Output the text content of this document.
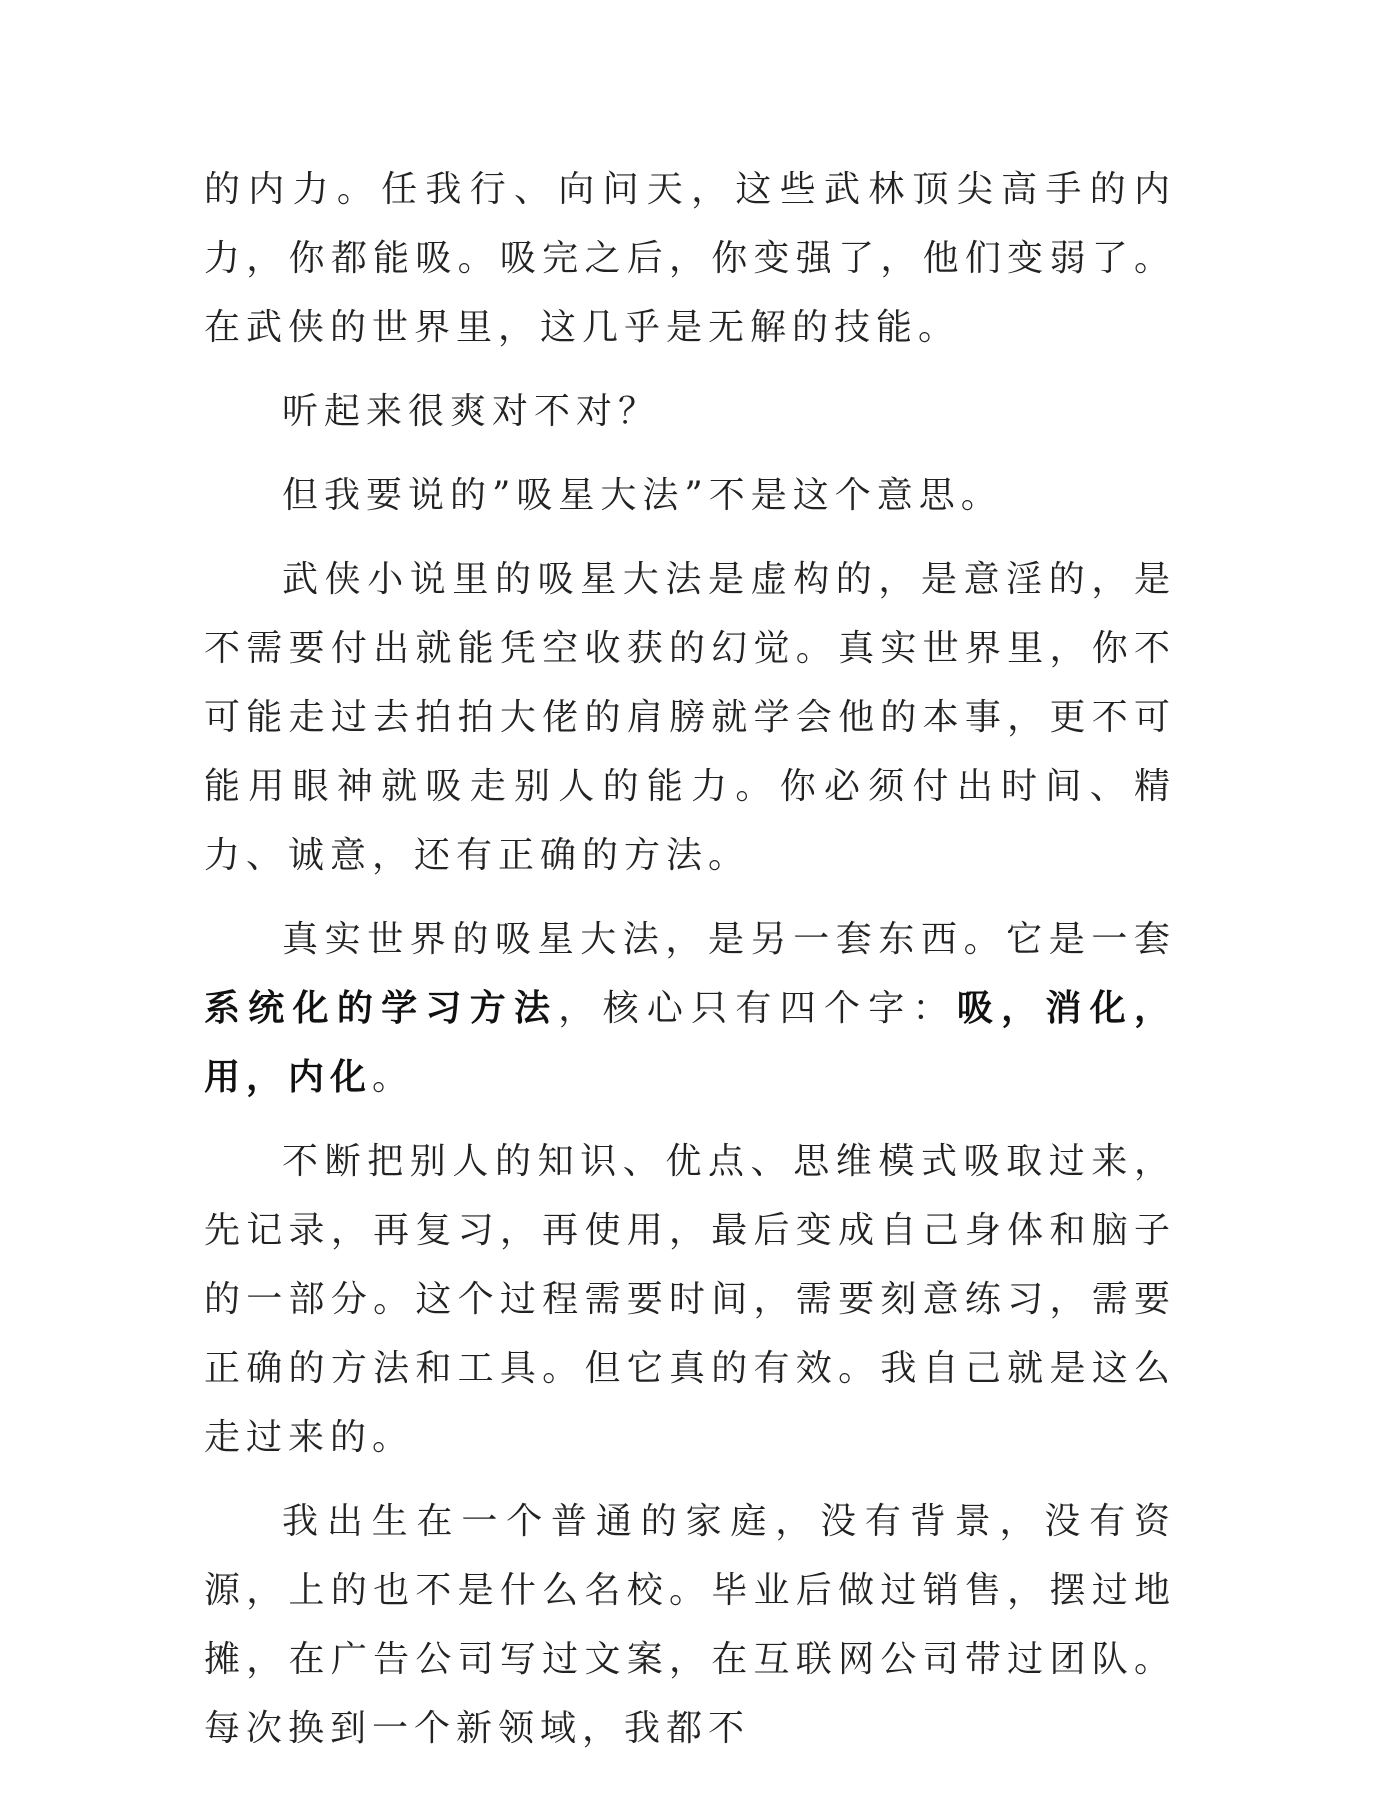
的内力。任我行、向问天，这些武林顶尖高手的内力，你都能吸。吸完之后，你变强了，他们变弱了。在武侠的世界里，这几乎是无解的技能。

听起来很爽对不对？

但我要说的”吸星大法”不是这个意思。

武侠小说里的吸星大法是虚构的，是意淫的，是不需要付出就能凭空收获的幻觉。真实世界里，你不可能走过去拍拍大佬的肩膀就学会他的本事，更不可能用眼神就吸走别人的能力。你必须付出时间、精力、诚意，还有正确的方法。

真实世界的吸星大法，是另一套东西。它是一套系统化的学习方法，核心只有四个字：吸，消化，用，内化。

不断把别人的知识、优点、思维模式吸取过来，先记录，再复习，再使用，最后变成自己身体和脑子的一部分。这个过程需要时间，需要刻意练习，需要正确的方法和工具。但它真的有效。我自己就是这么走过来的。

我出生在一个普通的家庭，没有背景，没有资源，上的也不是什么名校。毕业后做过销售，摆过地摊，在广告公司写过文案，在互联网公司带过团队。每次换到一个新领域，我都不
